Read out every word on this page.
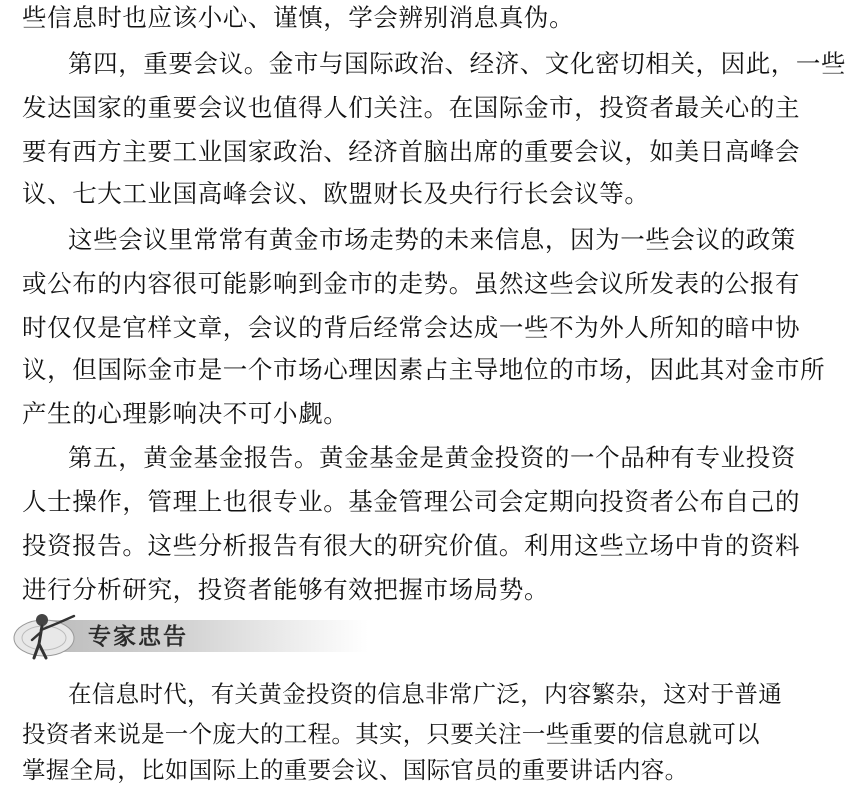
些信息时也应该小心、谨慎，学会辨别消息真伪。
第四，重要会议。金市与国际政治、经济、文化密切相关，因此，一些
发达国家的重要会议也值得人们关注。在国际金市，投资者最关心的主
要有西方主要工业国家政治、经济首脑出席的重要会议，如美日高峰会
议、七大工业国高峰会议、欧盟财长及央行行长会议等。
这些会议里常常有黄金市场走势的未来信息，因为一些会议的政策
或公布的内容很可能影响到金市的走势。虽然这些会议所发表的公报有
时仅仅是官样文章，会议的背后经常会达成一些不为外人所知的暗中协
议，但国际金市是一个市场心理因素占主导地位的市场，因此其对金市所
产生的心理影响决不可小觑。
第五，黄金基金报告。黄金基金是黄金投资的一个品种有专业投资
人士操作，管理上也很专业。基金管理公司会定期向投资者公布自己的
投资报告。这些分析报告有很大的研究价值。利用这些立场中肯的资料
进行分析研究，投资者能够有效把握市场局势。
专家忠告
在信息时代，有关黄金投资的信息非常广泛，内容繁杂，这对于普通
投资者来说是一个庞大的工程。其实，只要关注一些重要的信息就可以
掌握全局，比如国际上的重要会议、国际官员的重要讲话内容。
